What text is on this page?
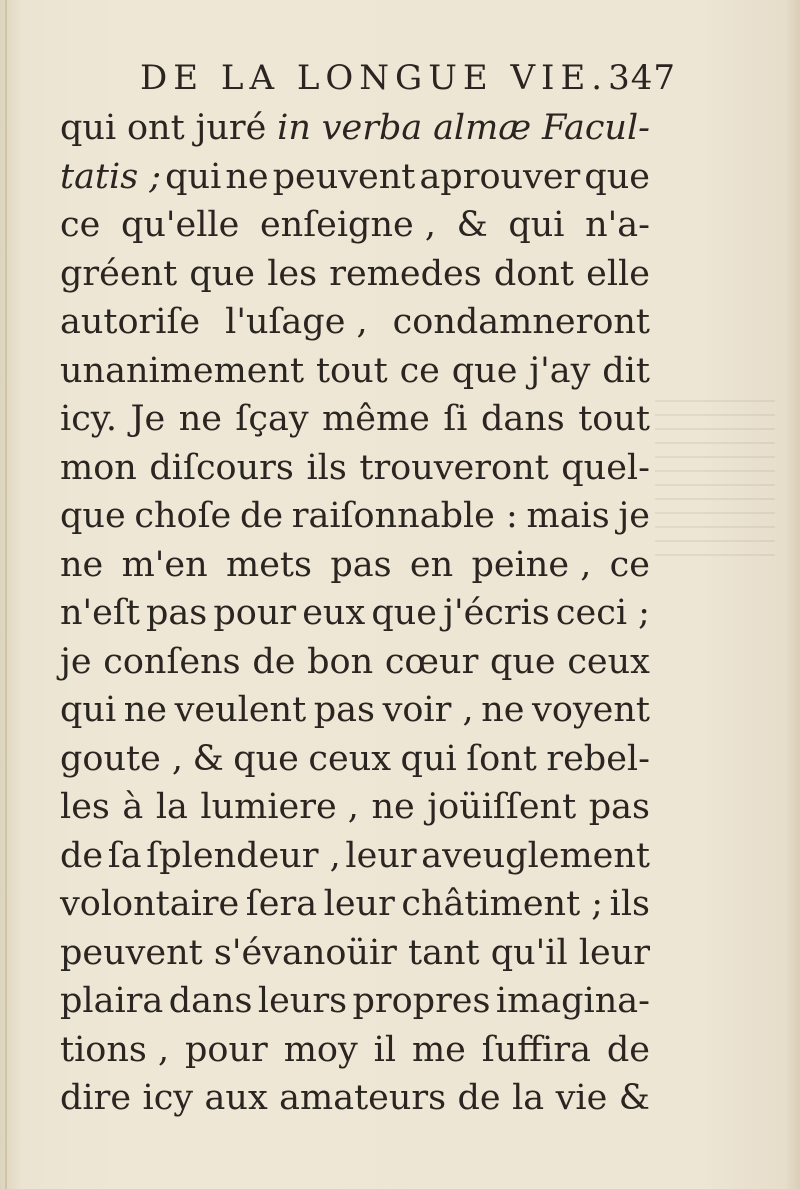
DE LA LONGUE VIE. 347
qui ont juré in verba almæ Facul-
tatis ; qui ne peuvent aprouver que
ce qu'elle enſeigne , & qui n'a-
gréent que les remedes dont elle
autoriſe l'uſage , condamneront
unanimement tout ce que j'ay dit
icy. Je ne ſçay même ſi dans tout
mon diſcours ils trouveront quel-
que choſe de raiſonnable : mais je
ne m'en mets pas en peine , ce
n'eſt pas pour eux que j'écris ceci ;
je conſens de bon cœur que ceux
qui ne veulent pas voir , ne voyent
goute , & que ceux qui ſont rebel-
les à la lumiere , ne joüiſſent pas
de ſa ſplendeur , leur aveuglement
volontaire ſera leur châtiment ; ils
peuvent s'évanoüir tant qu'il leur
plaira dans leurs propres imagina-
tions , pour moy il me ſuffira de
dire icy aux amateurs de la vie &
